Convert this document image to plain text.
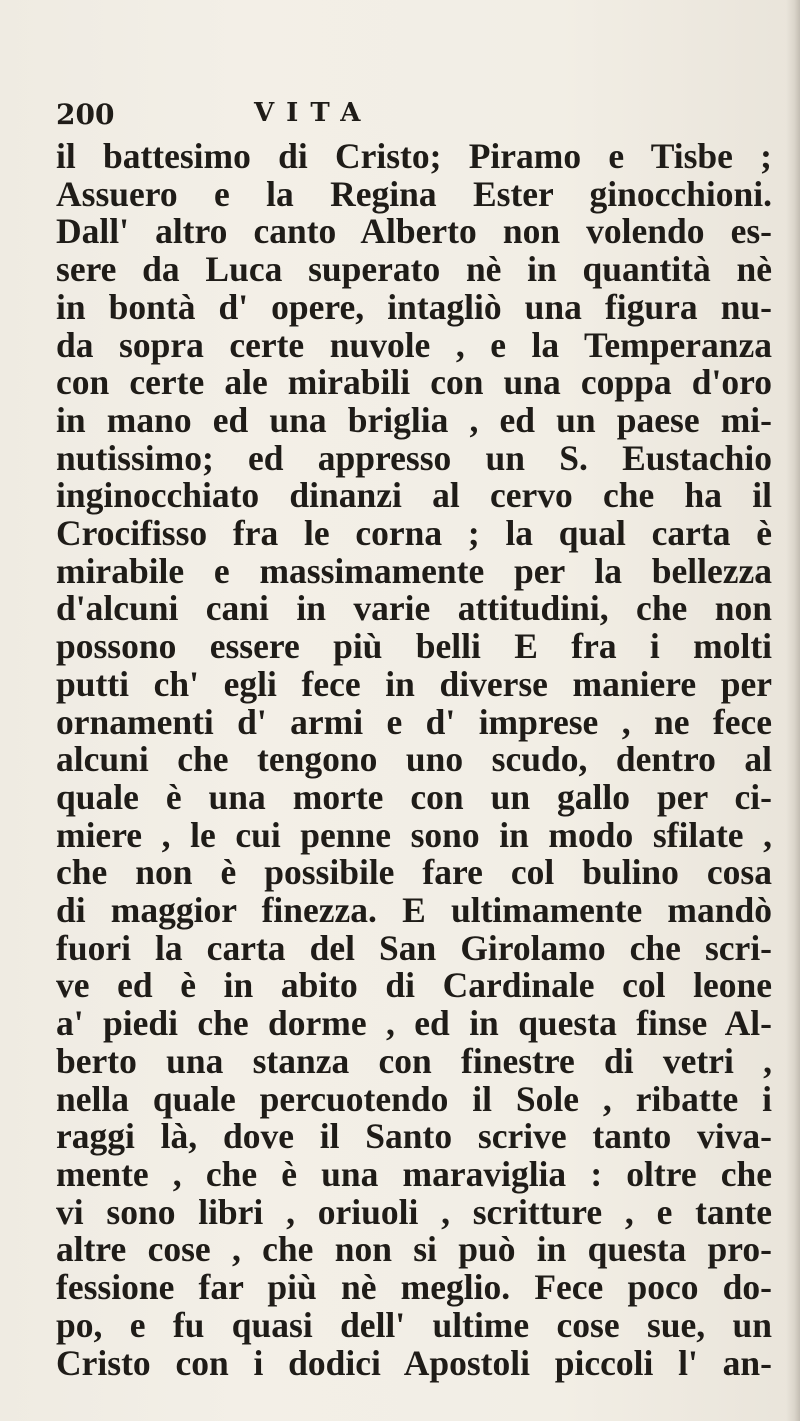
200	VITA
il battesimo di Cristo; Piramo e Tisbe ;
Assuero e la Regina Ester ginocchioni.
Dall' altro canto Alberto non volendo es-
sere da Luca superato nè in quantità nè
in bontà d' opere, intagliò una figura nu-
da sopra certe nuvole , e la Temperanza
con certe ale mirabili con una coppa d'oro
in mano ed una briglia , ed un paese mi-
nutissimo; ed appresso un S. Eustachio
inginocchiato dinanzi al cervo che ha il
Crocifisso fra le corna ; la qual carta è
mirabile e massimamente per la bellezza
d'alcuni cani in varie attitudini, che non
possono essere più belli E fra i molti
putti ch' egli fece in diverse maniere per
ornamenti d' armi e d' imprese , ne fece
alcuni che tengono uno scudo, dentro al
quale è una morte con un gallo per ci-
miere , le cui penne sono in modo sfilate ,
che non è possibile fare col bulino cosa
di maggior finezza. E ultimamente mandò
fuori la carta del San Girolamo che scri-
ve ed è in abito di Cardinale col leone
a' piedi che dorme , ed in questa finse Al-
berto una stanza con finestre di vetri ,
nella quale percuotendo il Sole , ribatte i
raggi là, dove il Santo scrive tanto viva-
mente , che è una maraviglia : oltre che
vi sono libri , oriuoli , scritture , e tante
altre cose , che non si può in questa pro-
fessione far più nè meglio. Fece poco do-
po, e fu quasi dell' ultime cose sue, un
Cristo con i dodici Apostoli piccoli l' an-
